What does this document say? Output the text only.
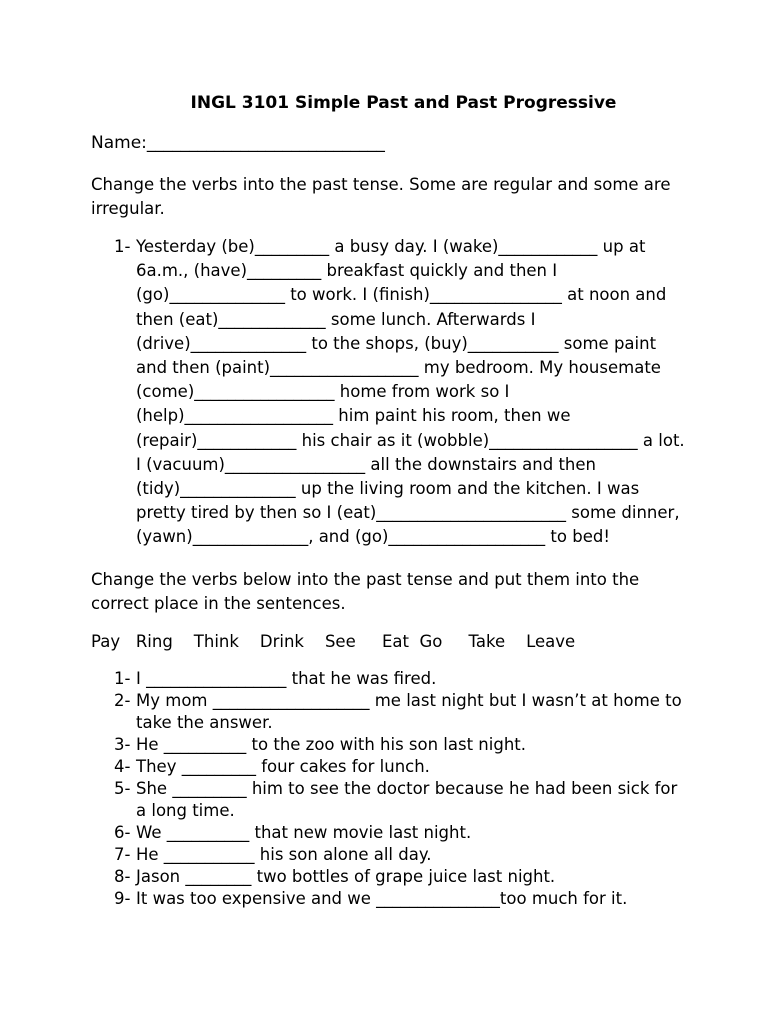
INGL 3101 Simple Past and Past Progressive
Name:____________________________
Change the verbs into the past tense. Some are regular and some are irregular.
1- Yesterday (be)_________ a busy day. I (wake)____________ up at 6a.m., (have)_________ breakfast quickly and then I (go)______________ to work. I (finish)________________ at noon and then (eat)_____________ some lunch. Afterwards I (drive)______________ to the shops, (buy)___________ some paint and then (paint)__________________ my bedroom. My housemate (come)_________________ home from work so I (help)__________________ him paint his room, then we (repair)____________ his chair as it (wobble)__________________ a lot. I (vacuum)_________________ all the downstairs and then (tidy)______________ up the living room and the kitchen. I was pretty tired by then so I (eat)_______________________ some dinner, (yawn)______________, and (go)___________________ to bed!
Change the verbs below into the past tense and put them into the correct place in the sentences.
Pay   Ring    Think    Drink    See     Eat  Go     Take    Leave
1- I _________________ that he was fired.
2- My mom ___________________ me last night but I wasn’t at home to take the answer.
3- He __________ to the zoo with his son last night.
4- They _________ four cakes for lunch.
5- She _________ him to see the doctor because he had been sick for a long time.
6- We __________ that new movie last night.
7- He ___________ his son alone all day.
8- Jason ________ two bottles of grape juice last night.
9- It was too expensive and we _______________too much for it.
